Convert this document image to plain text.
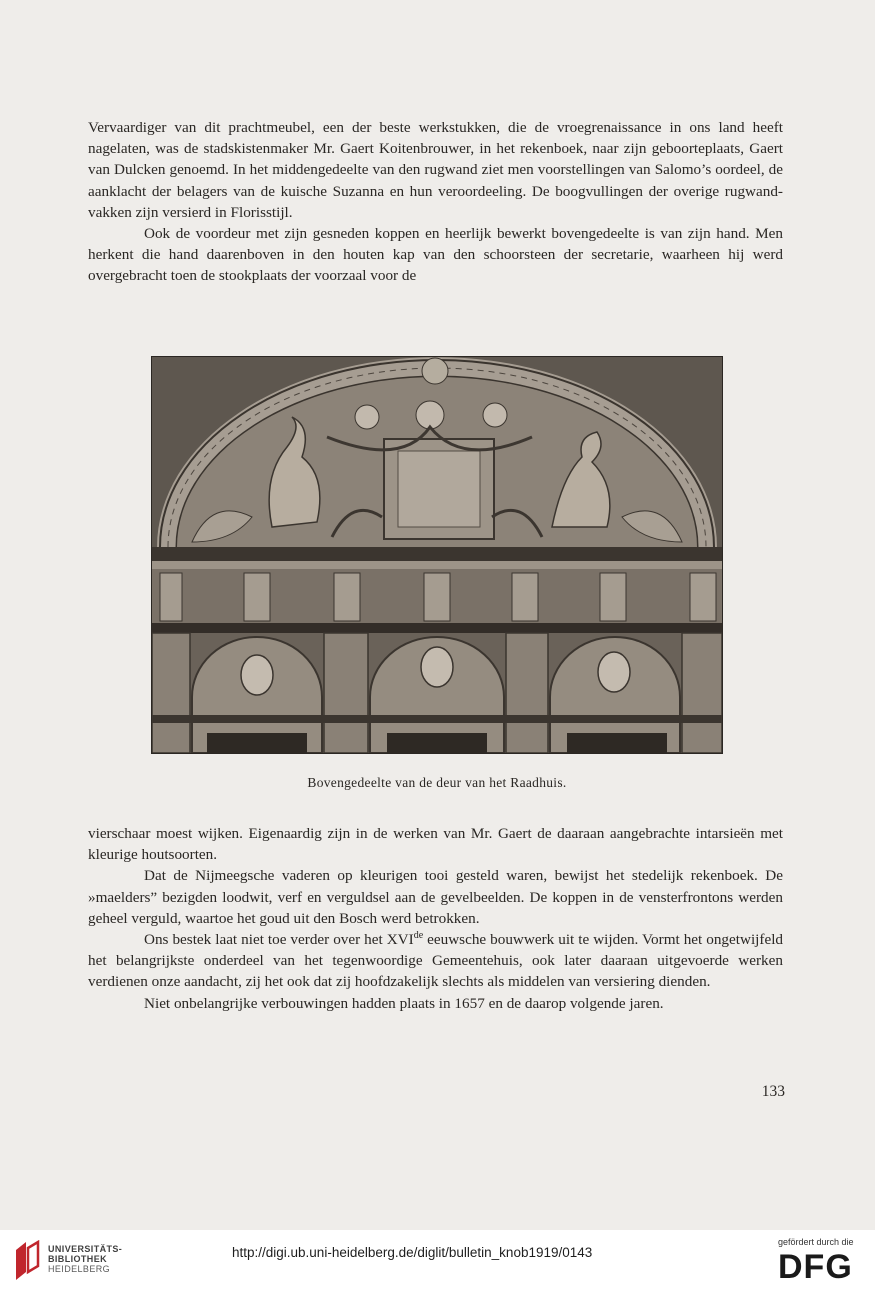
Vervaardiger van dit prachtmeubel, een der beste werkstukken, die de vroegrenaissance in ons land heeft nagelaten, was de stadskistenmaker Mr. Gaert Koitenbrouwer, in het rekenboek, naar zijn geboorteplaats, Gaert van Dulcken genoemd. In het middengedeelte van den rugwand ziet men voorstellingen van Salomo’s oordeel, de aanklacht der belagers van de kuische Suzanna en hun veroordeeling. De boogvullingen der overige rugwand-vakken zijn versierd in Florisstijl.

Ook de voordeur met zijn gesneden koppen en heerlijk bewerkt bovengedeelte is van zijn hand. Men herkent die hand daarenboven in den houten kap van den schoorsteen der secretarie, waarheen hij werd overgebracht toen de stookplaats der voorzaal voor de

Bovengedeelte van de deur van het Raadhuis.

vierschaar moest wijken. Eigenaardig zijn in de werken van Mr. Gaert de daaraan aangebrachte intarsieën met kleurige houtsoorten.

Dat de Nijmeegsche vaderen op kleurigen tooi gesteld waren, bewijst het stedelijk rekenboek. De »maelders” bezigden loodwit, verf en verguldsel aan de gevelbeelden. De koppen in de vensterfrontons werden geheel verguld, waartoe het goud uit den Bosch werd betrokken.

Ons bestek laat niet toe verder over het XVIde eeuwsche bouwwerk uit te wijden. Vormt het ongetwijfeld het belangrijkste onderdeel van het tegenwoordige Gemeentehuis, ook later daaraan uitgevoerde werken verdienen onze aandacht, zij het ook dat zij hoofdzakelijk slechts als middelen van versiering dienden.

Niet onbelangrijke verbouwingen hadden plaats in 1657 en de daarop volgende jaren.

133
UNIVERSITÄTS-
BIBLIOTHEK
HEIDELBERG
http://digi.ub.uni-heidelberg.de/diglit/bulletin_knob1919/0143
gefördert durch die
DFG
